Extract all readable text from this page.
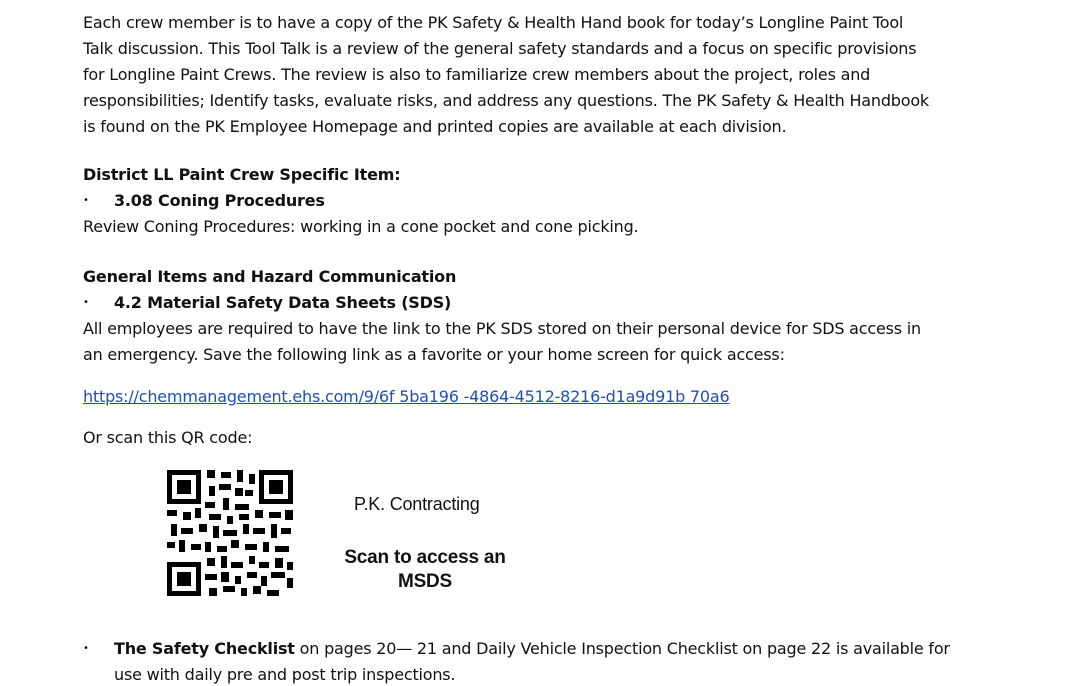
Each crew member is to have a copy of the PK Safety & Health Hand book for today’s Longline Paint Tool
Talk discussion. This Tool Talk is a review of the general safety standards and a focus on specific provisions
for Longline Paint Crews. The review is also to familiarize crew members about the project, roles and
responsibilities; Identify tasks, evaluate risks, and address any questions. The PK Safety & Health Handbook
is found on the PK Employee Homepage and printed copies are available at each division.
District LL Paint Crew Specific Item:
• 3.08 Coning Procedures
Review Coning Procedures: working in a cone pocket and cone picking.
General Items and Hazard Communication
• 4.2 Material Safety Data Sheets (SDS)
All employees are required to have the link to the PK SDS stored on their personal device for SDS access in
an emergency. Save the following link as a favorite or your home screen for quick access:
https://chemmanagement.ehs.com/9/6f 5ba196 -4864-4512-8216-d1a9d91b 70a6
Or scan this QR code:
P.K. Contracting
Scan to access an
MSDS
• The Safety Checklist on pages 20— 21 and Daily Vehicle Inspection Checklist on page 22 is available for
use with daily pre and post trip inspections.
